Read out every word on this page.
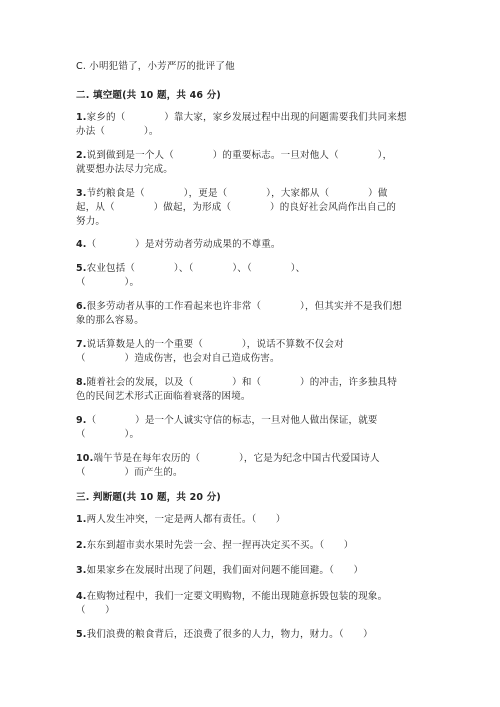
C. 小明犯错了，小芳严厉的批评了他
二. 填空题(共 10 题，共 46 分)
1.家乡的（　　　　）靠大家，家乡发展过程中出现的问题需要我们共同来想
办法（　　　　）。
2.说到做到是一个人（　　　　）的重要标志。一旦对他人（　　　　），
就要想办法尽力完成。
3.节约粮食是（　　　　），更是（　　　　），大家都从（　　　　）做
起，从（　　　　）做起，为形成（　　　　）的良好社会风尚作出自己的
努力。
4.（　　　　）是对劳动者劳动成果的不尊重。
5.农业包括（　　　　）、（　　　　）、（　　　　）、
（　　　　）。
6.很多劳动者从事的工作看起来也许非常（　　　　），但其实并不是我们想
象的那么容易。
7.说话算数是人的一个重要（　　　　），说话不算数不仅会对
（　　　　）造成伤害，也会对自己造成伤害。
8.随着社会的发展，以及（　　　　）和（　　　　）的冲击，许多独具特
色的民间艺术形式正面临着衰落的困境。
9.（　　　　）是一个人诚实守信的标志，一旦对他人做出保证，就要
（　　　　）。
10.端午节是在每年农历的（　　　　），它是为纪念中国古代爱国诗人
（　　　　）而产生的。
三. 判断题(共 10 题，共 20 分)
1.两人发生冲突，一定是两人都有责任。（　　）
2.东东到超市卖水果时先尝一会、捏一捏再决定买不买。（　　）
3.如果家乡在发展时出现了问题，我们面对问题不能回避。（　　）
4.在购物过程中，我们一定要文明购物，不能出现随意拆毁包装的现象。
（　　）
5.我们浪费的粮食背后，还浪费了很多的人力，物力，财力。（　　）
